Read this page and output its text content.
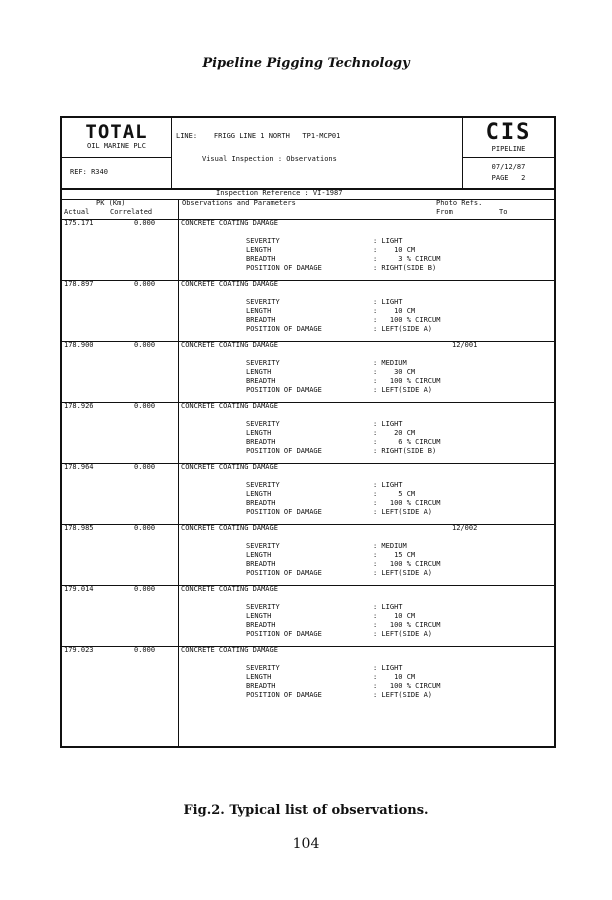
Pipeline Pigging Technology
TOTAL
OIL MARINE PLC
REF: R340
LINE:    FRIGG LINE 1 NORTH   TP1-MCP01
Visual Inspection : Observations
CIS
PIPELINE
07/12/87
PAGE   2
Inspection Reference : VI-1987
PK (Km)
Actual	Correlated
Observations and Parameters	Photo Refs.
From	To
175.171	0.000	CONCRETE COATING DAMAGE
SEVERITY	: LIGHT
LENGTH	:    10 CM
BREADTH	:     3 % CIRCUM
POSITION OF DAMAGE	: RIGHT(SIDE B)
178.897	0.000	CONCRETE COATING DAMAGE
SEVERITY	: LIGHT
LENGTH	:    10 CM
BREADTH	:   100 % CIRCUM
POSITION OF DAMAGE	: LEFT(SIDE A)
178.900	0.000	CONCRETE COATING DAMAGE	12/001
SEVERITY	: MEDIUM
LENGTH	:    30 CM
BREADTH	:   100 % CIRCUM
POSITION OF DAMAGE	: LEFT(SIDE A)
178.926	0.000	CONCRETE COATING DAMAGE
SEVERITY	: LIGHT
LENGTH	:    20 CM
BREADTH	:     6 % CIRCUM
POSITION OF DAMAGE	: RIGHT(SIDE B)
178.964	0.000	CONCRETE COATING DAMAGE
SEVERITY	: LIGHT
LENGTH	:     5 CM
BREADTH	:   100 % CIRCUM
POSITION OF DAMAGE	: LEFT(SIDE A)
178.985	0.000	CONCRETE COATING DAMAGE	12/002
SEVERITY	: MEDIUM
LENGTH	:    15 CM
BREADTH	:   100 % CIRCUM
POSITION OF DAMAGE	: LEFT(SIDE A)
179.014	0.000	CONCRETE COATING DAMAGE
SEVERITY	: LIGHT
LENGTH	:    10 CM
BREADTH	:   100 % CIRCUM
POSITION OF DAMAGE	: LEFT(SIDE A)
179.023	0.000	CONCRETE COATING DAMAGE
SEVERITY	: LIGHT
LENGTH	:    10 CM
BREADTH	:   100 % CIRCUM
POSITION OF DAMAGE	: LEFT(SIDE A)
Fig.2. Typical list of observations.
104
